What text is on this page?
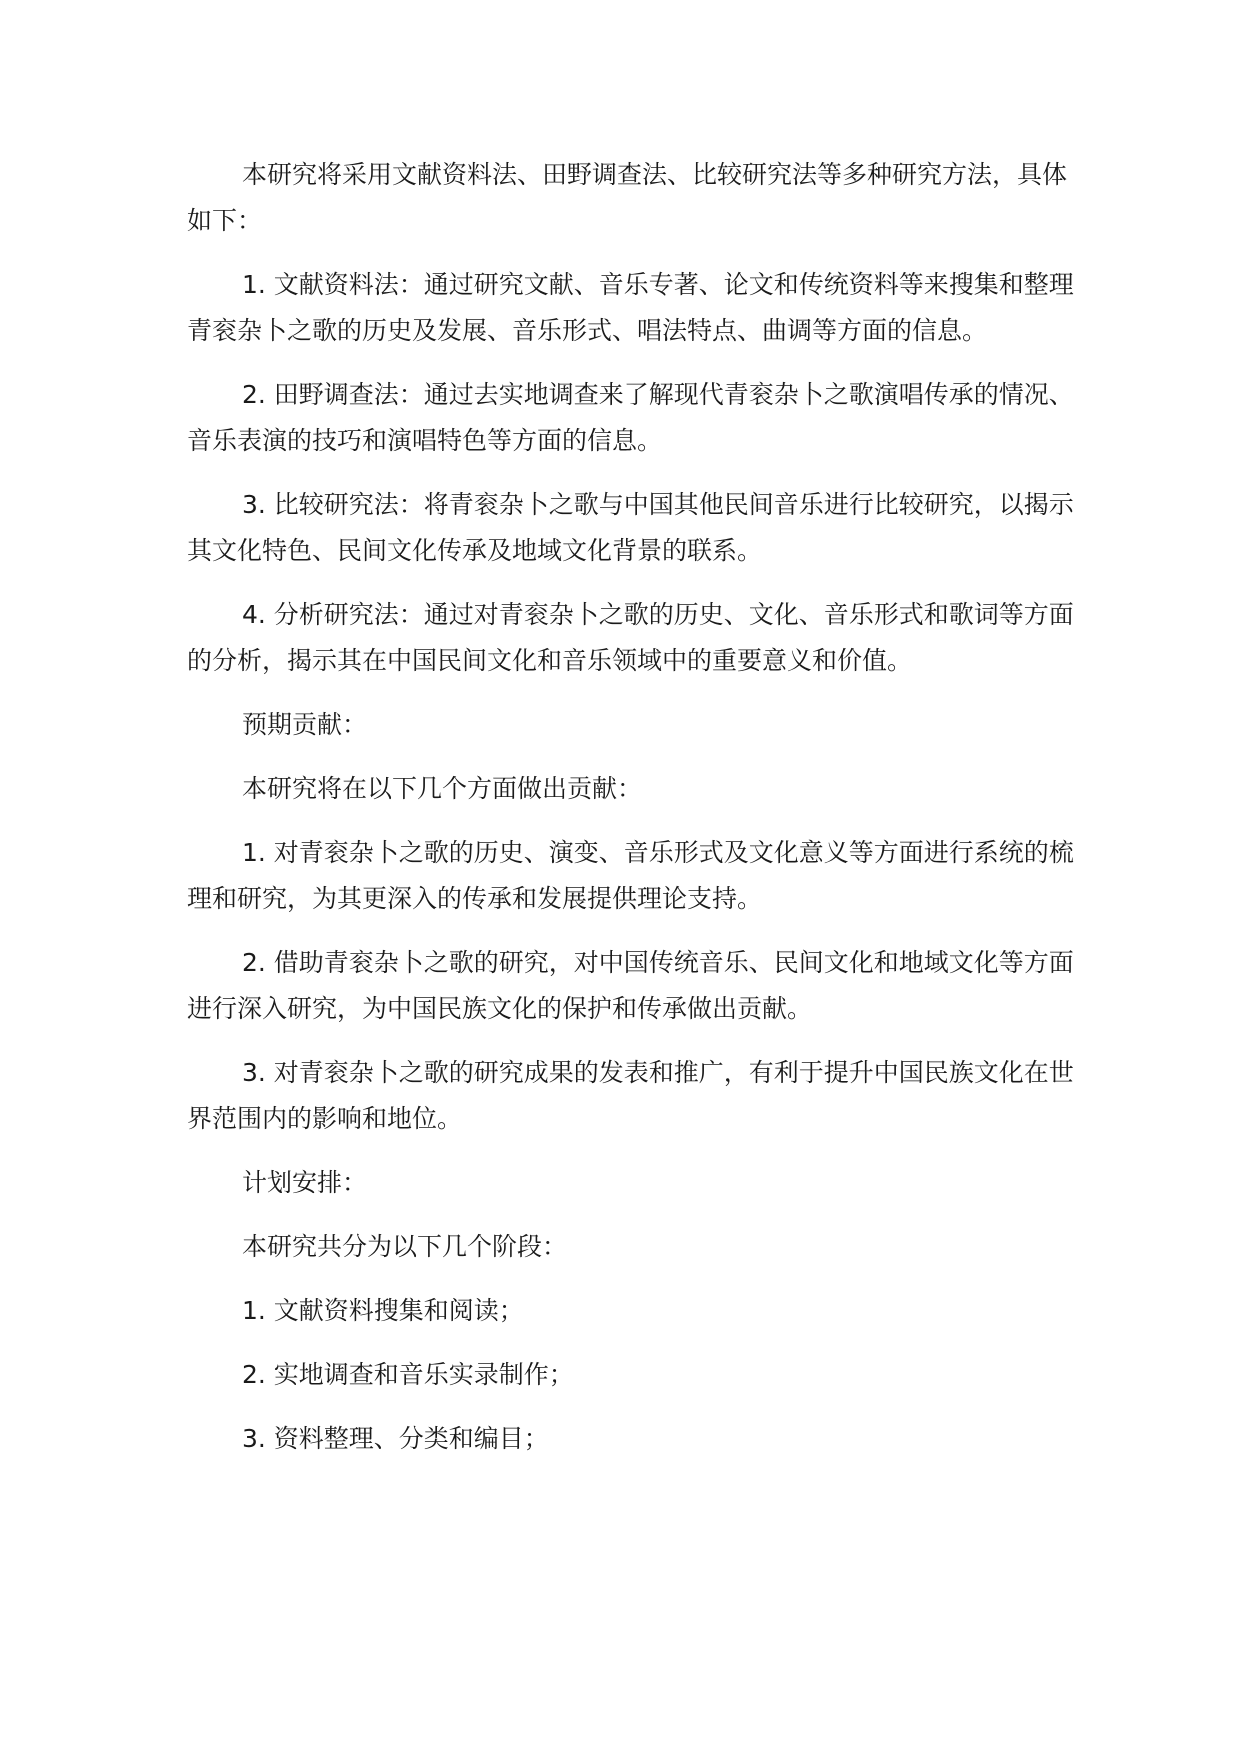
本研究将采用文献资料法、田野调查法、比较研究法等多种研究方法，具体如下：

1. 文献资料法：通过研究文献、音乐专著、论文和传统资料等来搜集和整理青衮杂卜之歌的历史及发展、音乐形式、唱法特点、曲调等方面的信息。

2. 田野调查法：通过去实地调查来了解现代青衮杂卜之歌演唱传承的情况、音乐表演的技巧和演唱特色等方面的信息。

3. 比较研究法：将青衮杂卜之歌与中国其他民间音乐进行比较研究，以揭示其文化特色、民间文化传承及地域文化背景的联系。

4. 分析研究法：通过对青衮杂卜之歌的历史、文化、音乐形式和歌词等方面的分析，揭示其在中国民间文化和音乐领域中的重要意义和价值。

预期贡献：

本研究将在以下几个方面做出贡献：

1. 对青衮杂卜之歌的历史、演变、音乐形式及文化意义等方面进行系统的梳理和研究，为其更深入的传承和发展提供理论支持。

2. 借助青衮杂卜之歌的研究，对中国传统音乐、民间文化和地域文化等方面进行深入研究，为中国民族文化的保护和传承做出贡献。

3. 对青衮杂卜之歌的研究成果的发表和推广，有利于提升中国民族文化在世界范围内的影响和地位。

计划安排：

本研究共分为以下几个阶段：

1. 文献资料搜集和阅读；

2. 实地调查和音乐实录制作；

3. 资料整理、分类和编目；
